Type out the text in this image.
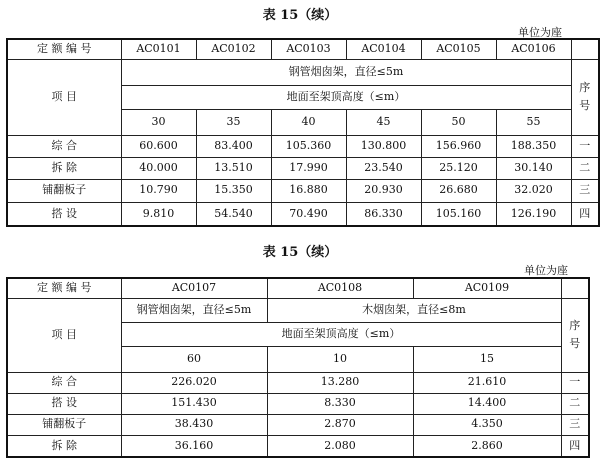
表 15（续）
单位为座
定 额 编 号	AC0101	AC0102	AC0103	AC0104	AC0105	AC0106	
项 目	钢管烟囱架，直径≤5m						序
号

	地面至架顶高度（≤m）						
	30	35	40	45	50	55	
综 合	60.600	83.400	105.360	130.800	156.960	188.350	一
拆 除	40.000	13.510	17.990	23.540	25.120	30.140	二
铺翻板子	10.790	15.350	16.880	20.930	26.680	32.020	三
搭 设	9.810	54.540	70.490	86.330	105.160	126.190	四
表 15（续）
单位为座
定 额 编 号	AC0107	AC0108	AC0109	
项 目	钢管烟囱架，直径≤5m	木烟囱架，直径≤8m		序
号

	地面至架顶高度（≤m）			
	60	10	15	
综 合	226.020	13.280	21.610	一
搭 设	151.430	8.330	14.400	二
铺翻板子	38.430	2.870	4.350	三
拆 除	36.160	2.080	2.860	四
